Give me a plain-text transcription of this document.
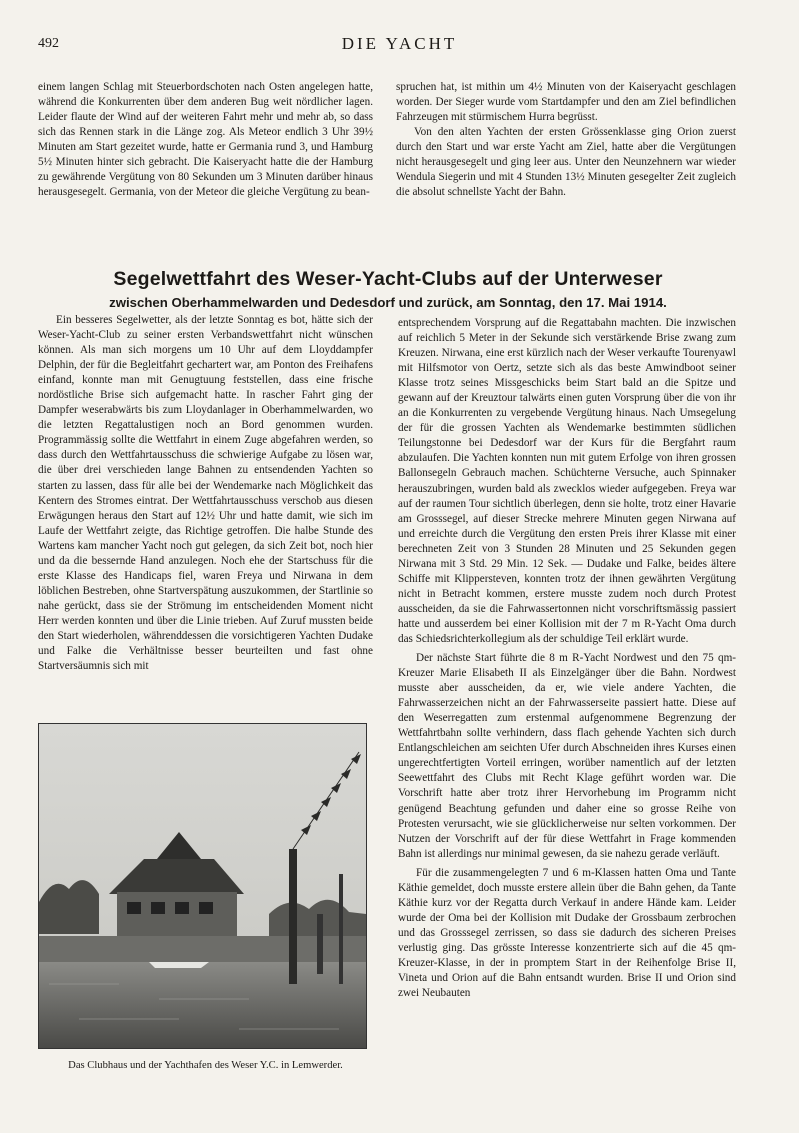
492	DIE YACHT

einem langen Schlag mit Steuerbordschoten nach Osten angelegen hatte, während die Konkurrenten über dem anderen Bug weit nördlicher lagen. Leider flaute der Wind auf der weiteren Fahrt mehr und mehr ab, so dass sich das Rennen stark in die Länge zog. Als Meteor endlich 3 Uhr 39½ Minuten am Start gezeitet wurde, hatte er Germania rund 3, und Hamburg 5½ Minuten hinter sich gebracht. Die Kaiseryacht hatte die der Hamburg zu gewährende Vergütung von 80 Sekunden um 3 Minuten darüber hinaus herausgesegelt. Germania, von der Meteor die gleiche Vergütung zu bean-

spruchen hat, ist mithin um 4½ Minuten von der Kaiseryacht geschlagen worden. Der Sieger wurde vom Startdampfer und den am Ziel befindlichen Fahrzeugen mit stürmischem Hurra begrüsst.

Von den alten Yachten der ersten Grössenklasse ging Orion zuerst durch den Start und war erste Yacht am Ziel, hatte aber die Vergütungen nicht herausgesegelt und ging leer aus. Unter den Neunzehnern war wieder Wendula Siegerin und mit 4 Stunden 13½ Minuten gesegelter Zeit zugleich die absolut schnellste Yacht der Bahn.

Segelwettfahrt des Weser-Yacht-Clubs auf der Unterweser
zwischen Oberhammelwarden und Dedesdorf und zurück, am Sonntag, den 17. Mai 1914.

Ein besseres Segelwetter, als der letzte Sonntag es bot, hätte sich der Weser-Yacht-Club zu seiner ersten Verbandswettfahrt nicht wünschen können. Als man sich morgens um 10 Uhr auf dem Lloyddampfer Delphin, der für die Begleitfahrt gechartert war, am Ponton des Freihafens einfand, konnte man mit Genugtuung feststellen, dass eine frische nordöstliche Brise sich aufgemacht hatte. In rascher Fahrt ging der Dampfer weserabwärts bis zum Lloydanlager in Oberhammelwarden, wo die letzten Regattalustigen noch an Bord genommen wurden. Programmässig sollte die Wettfahrt in einem Zuge abgefahren werden, so dass durch den Wettfahrtausschuss die schwierige Aufgabe zu lösen war, die über drei verschieden lange Bahnen zu entsendenden Yachten so starten zu lassen, dass für alle bei der Wendemarke nach Möglichkeit das Kentern des Stromes eintrat. Der Wettfahrtausschuss verschob aus diesen Erwägungen heraus den Start auf 12½ Uhr und hatte damit, wie sich im Laufe der Wettfahrt zeigte, das Richtige getroffen. Die halbe Stunde des Wartens kam mancher Yacht noch gut gelegen, da sich Zeit bot, noch hier und da die bessernde Hand anzulegen. Noch ehe der Startschuss für die erste Klasse des Handicaps fiel, waren Freya und Nirwana in dem löblichen Bestreben, ohne Startverspätung auszukommen, der Startlinie so nahe gerückt, dass sie der Strömung im entscheidenden Moment nicht Herr werden konnten und über die Linie trieben. Auf Zuruf mussten beide den Start wiederholen, währenddessen die vorsichtigeren Yachten Dudake und Falke die Verhältnisse besser beurteilten und fast ohne Startversäumnis sich mit

entsprechendem Vorsprung auf die Regattabahn machten. Die inzwischen auf reichlich 5 Meter in der Sekunde sich verstärkende Brise zwang zum Kreuzen. Nirwana, eine erst kürzlich nach der Weser verkaufte Tourenyawl mit Hilfsmotor von Oertz, setzte sich als das beste Amwindboot seiner Klasse trotz seines Missgeschicks beim Start bald an die Spitze und gewann auf der Kreuztour talwärts einen guten Vorsprung über die von ihr an die Konkurrenten zu vergebende Vergütung hinaus. Nach Umsegelung der für die grossen Yachten als Wendemarke bestimmten südlichen Teilungstonne bei Dedesdorf war der Kurs für die Bergfahrt raum abzulaufen. Die Yachten konnten nun mit gutem Erfolge von ihren grossen Ballonsegeln Gebrauch machen. Schüchterne Versuche, auch Spinnaker herauszubringen, wurden bald als zwecklos wieder aufgegeben. Freya war auf der raumen Tour sichtlich überlegen, denn sie holte, trotz einer Havarie am Grosssegel, auf dieser Strecke mehrere Minuten gegen Nirwana auf und erreichte durch die Vergütung den ersten Preis ihrer Klasse mit einer berechneten Zeit von 3 Stunden 28 Minuten und 25 Sekunden gegen Nirwana mit 3 Std. 29 Min. 12 Sek. — Dudake und Falke, beides ältere Schiffe mit Klippersteven, konnten trotz der ihnen gewährten Vergütung nicht in Betracht kommen, erstere musste zudem noch durch Protest ausscheiden, da sie die Fahrwassertonnen nicht vorschriftsmässig passiert hatte und ausserdem bei einer Kollision mit der 7 m R-Yacht Oma durch das Schiedsrichterkollegium als der schuldige Teil erklärt wurde.

Der nächste Start führte die 8 m R-Yacht Nordwest und den 75 qm-Kreuzer Marie Elisabeth II als Einzelgänger über die Bahn. Nordwest musste aber ausscheiden, da er, wie viele andere Yachten, die Fahrwasserzeichen nicht an der Fahrwasserseite passiert hatte. Diese auf den Weserregatten zum erstenmal aufgenommene Begrenzung der Wettfahrtbahn sollte verhindern, dass flach gehende Yachten sich durch Entlangschleichen am seichten Ufer durch Abschneiden ihres Kurses einen ungerechtfertigten Vorteil erringen, worüber namentlich auf der letzten Seewettfahrt des Clubs mit Recht Klage geführt worden war. Die Vorschrift hatte aber trotz ihrer Hervorhebung im Programm nicht genügend Beachtung gefunden und daher eine so grosse Reihe von Protesten verursacht, wie sie glücklicherweise nur selten vorkommen. Der Nutzen der Vorschrift auf der für diese Wettfahrt in Frage kommenden Bahn ist allerdings nur minimal gewesen, da sie nahezu gerade verläuft.

Für die zusammengelegten 7 und 6 m-Klassen hatten Oma und Tante Käthie gemeldet, doch musste erstere allein über die Bahn gehen, da Tante Käthie kurz vor der Regatta durch Verkauf in andere Hände kam. Leider wurde der Oma bei der Kollision mit Dudake der Grossbaum zerbrochen und das Grosssegel zerrissen, so dass sie dadurch des sicheren Preises verlustig ging. Das grösste Interesse konzentrierte sich auf die 45 qm-Kreuzer-Klasse, in der in promptem Start in der Reihenfolge Brise II, Vineta und Orion auf die Bahn entsandt wurden. Brise II und Orion sind zwei Neubauten

Das Clubhaus und der Yachthafen des Weser Y.C. in Lemwerder.
